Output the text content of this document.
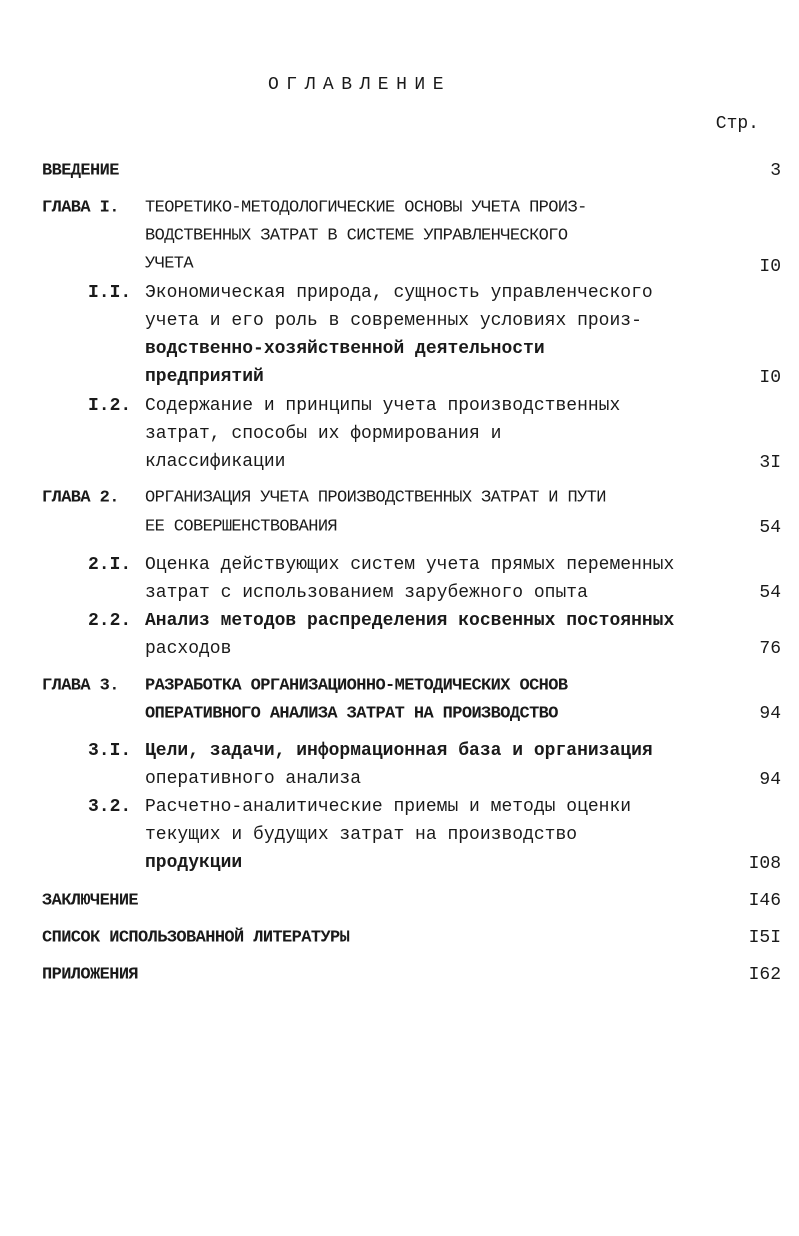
ОГЛАВЛЕНИЕ
Стр.
ВВЕДЕНИЕ	3
ГЛАВА I. ТЕОРЕТИКО-МЕТОДОЛОГИЧЕСКИЕ ОСНОВЫ УЧЕТА ПРОИЗ-
ВОДСТВЕННЫХ ЗАТРАТ В СИСТЕМЕ УПРАВЛЕНЧЕСКОГО
УЧЕТА	I0
I.I. Экономическая природа, сущность управленческого
учета и его роль в современных условиях произ-
водственно-хозяйственной деятельности
предприятий	I0
I.2. Содержание и принципы учета производственных
затрат, способы их формирования и
классификации	3I
ГЛАВА 2. ОРГАНИЗАЦИЯ УЧЕТА ПРОИЗВОДСТВЕННЫХ ЗАТРАТ И ПУТИ
ЕЕ СОВЕРШЕНСТВОВАНИЯ	54
2.I. Оценка действующих систем учета прямых переменных
затрат с использованием зарубежного опыта	54
2.2. Анализ методов распределения косвенных постоянных
расходов	76
ГЛАВА 3. РАЗРАБОТКА ОРГАНИЗАЦИОННО-МЕТОДИЧЕСКИХ ОСНОВ
ОПЕРАТИВНОГО АНАЛИЗА ЗАТРАТ НА ПРОИЗВОДСТВО	94
3.I. Цели, задачи, информационная база и организация
оперативного анализа	94
3.2. Расчетно-аналитические приемы и методы оценки
текущих и будущих затрат на производство
продукции	I08
ЗАКЛЮЧЕНИЕ	I46
СПИСОК ИСПОЛЬЗОВАННОЙ ЛИТЕРАТУРЫ	I5I
ПРИЛОЖЕНИЯ	I62
